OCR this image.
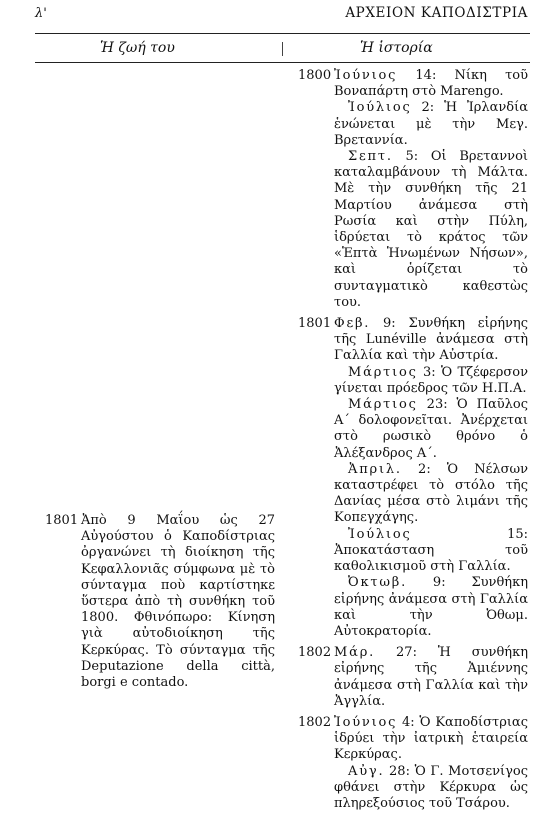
λ'	ΑΡΧΕΙΟΝ ΚΑΠΟΔΙΣΤΡΙΑ
Ἡ ζωή του	Ἡ ἱστορία
1801 Ἀπὸ 9 Μαΐου ὡς 27 Αὐγούστου ὁ Καποδίστριας ὀργανώνει τὴ διοίκηση τῆς Κεφαλλονιᾶς σύμφωνα μὲ τὸ σύνταγμα ποὺ καρτίστηκε ὕστερα ἀπὸ τὴ συνθήκη τοῦ 1800. Φθινόπωρο: Κίνηση γιὰ αὐτοδιοίκηση τῆς Κερκύρας. Τὸ σύνταγμα τῆς Deputazione della città, borgi e contado.

1800 Ἰούνιος 14: Νίκη τοῦ Βοναπάρτη στὸ Marengo.

Ἰούλιος 2: Ἡ Ἰρλανδία ἑνώνεται μὲ τὴν Μεγ. Βρεταννία.

Σεπτ. 5: Οἱ Βρεταννοὶ καταλαμβάνουν τὴ Μάλτα. Μὲ τὴν συνθήκη τῆς 21 Μαρτίου ἀνάμεσα στὴ Ρωσία καὶ στὴν Πύλη, ἱδρύεται τὸ κράτος τῶν «Ἑπτὰ Ἡνωμένων Νήσων», καὶ ὁρίζεται τὸ συνταγματικὸ καθεστὼς του.

1801 Φεβ. 9: Συνθήκη εἰρήνης τῆς Lunéville ἀνάμεσα στὴ Γαλλία καὶ τὴν Αὐστρία.

Μάρτιος 3: Ὁ Τζέφερσον γίνεται πρόεδρος τῶν Η.Π.Α.

Μάρτιος 23: Ὁ Παῦλος Α΄ δολοφονεῖται. Ἀνέρχεται στὸ ρωσικὸ θρόνο ὁ Ἀλέξανδρος Α΄.

Ἀπριλ. 2: Ὁ Νέλσων καταστρέφει τὸ στόλο τῆς Δανίας μέσα στὸ λιμάνι τῆς Κοπεγχάγης.

Ἰούλιος 15: Ἀποκατάσταση τοῦ καθολικισμοῦ στὴ Γαλλία.

Ὀκτωβ. 9: Συνθήκη εἰρήνης ἀνάμεσα στὴ Γαλλία καὶ τὴν Ὀθωμ. Αὐτοκρατορία.

1802 Μάρ. 27: Ἡ συνθήκη εἰρήνης τῆς Ἀμιέννης ἀνάμεσα στὴ Γαλλία καὶ τὴν Ἀγγλία.

1802 Ἰούνιος 4: Ὁ Καποδίστριας ἱδρύει τὴν ἰατρικὴ ἑταιρεία Κερκύρας.

Αὐγ. 28: Ὁ Γ. Μοτσενίγος φθάνει στὴν Κέρκυρα ὡς πληρεξούσιος τοῦ Τσάρου.
